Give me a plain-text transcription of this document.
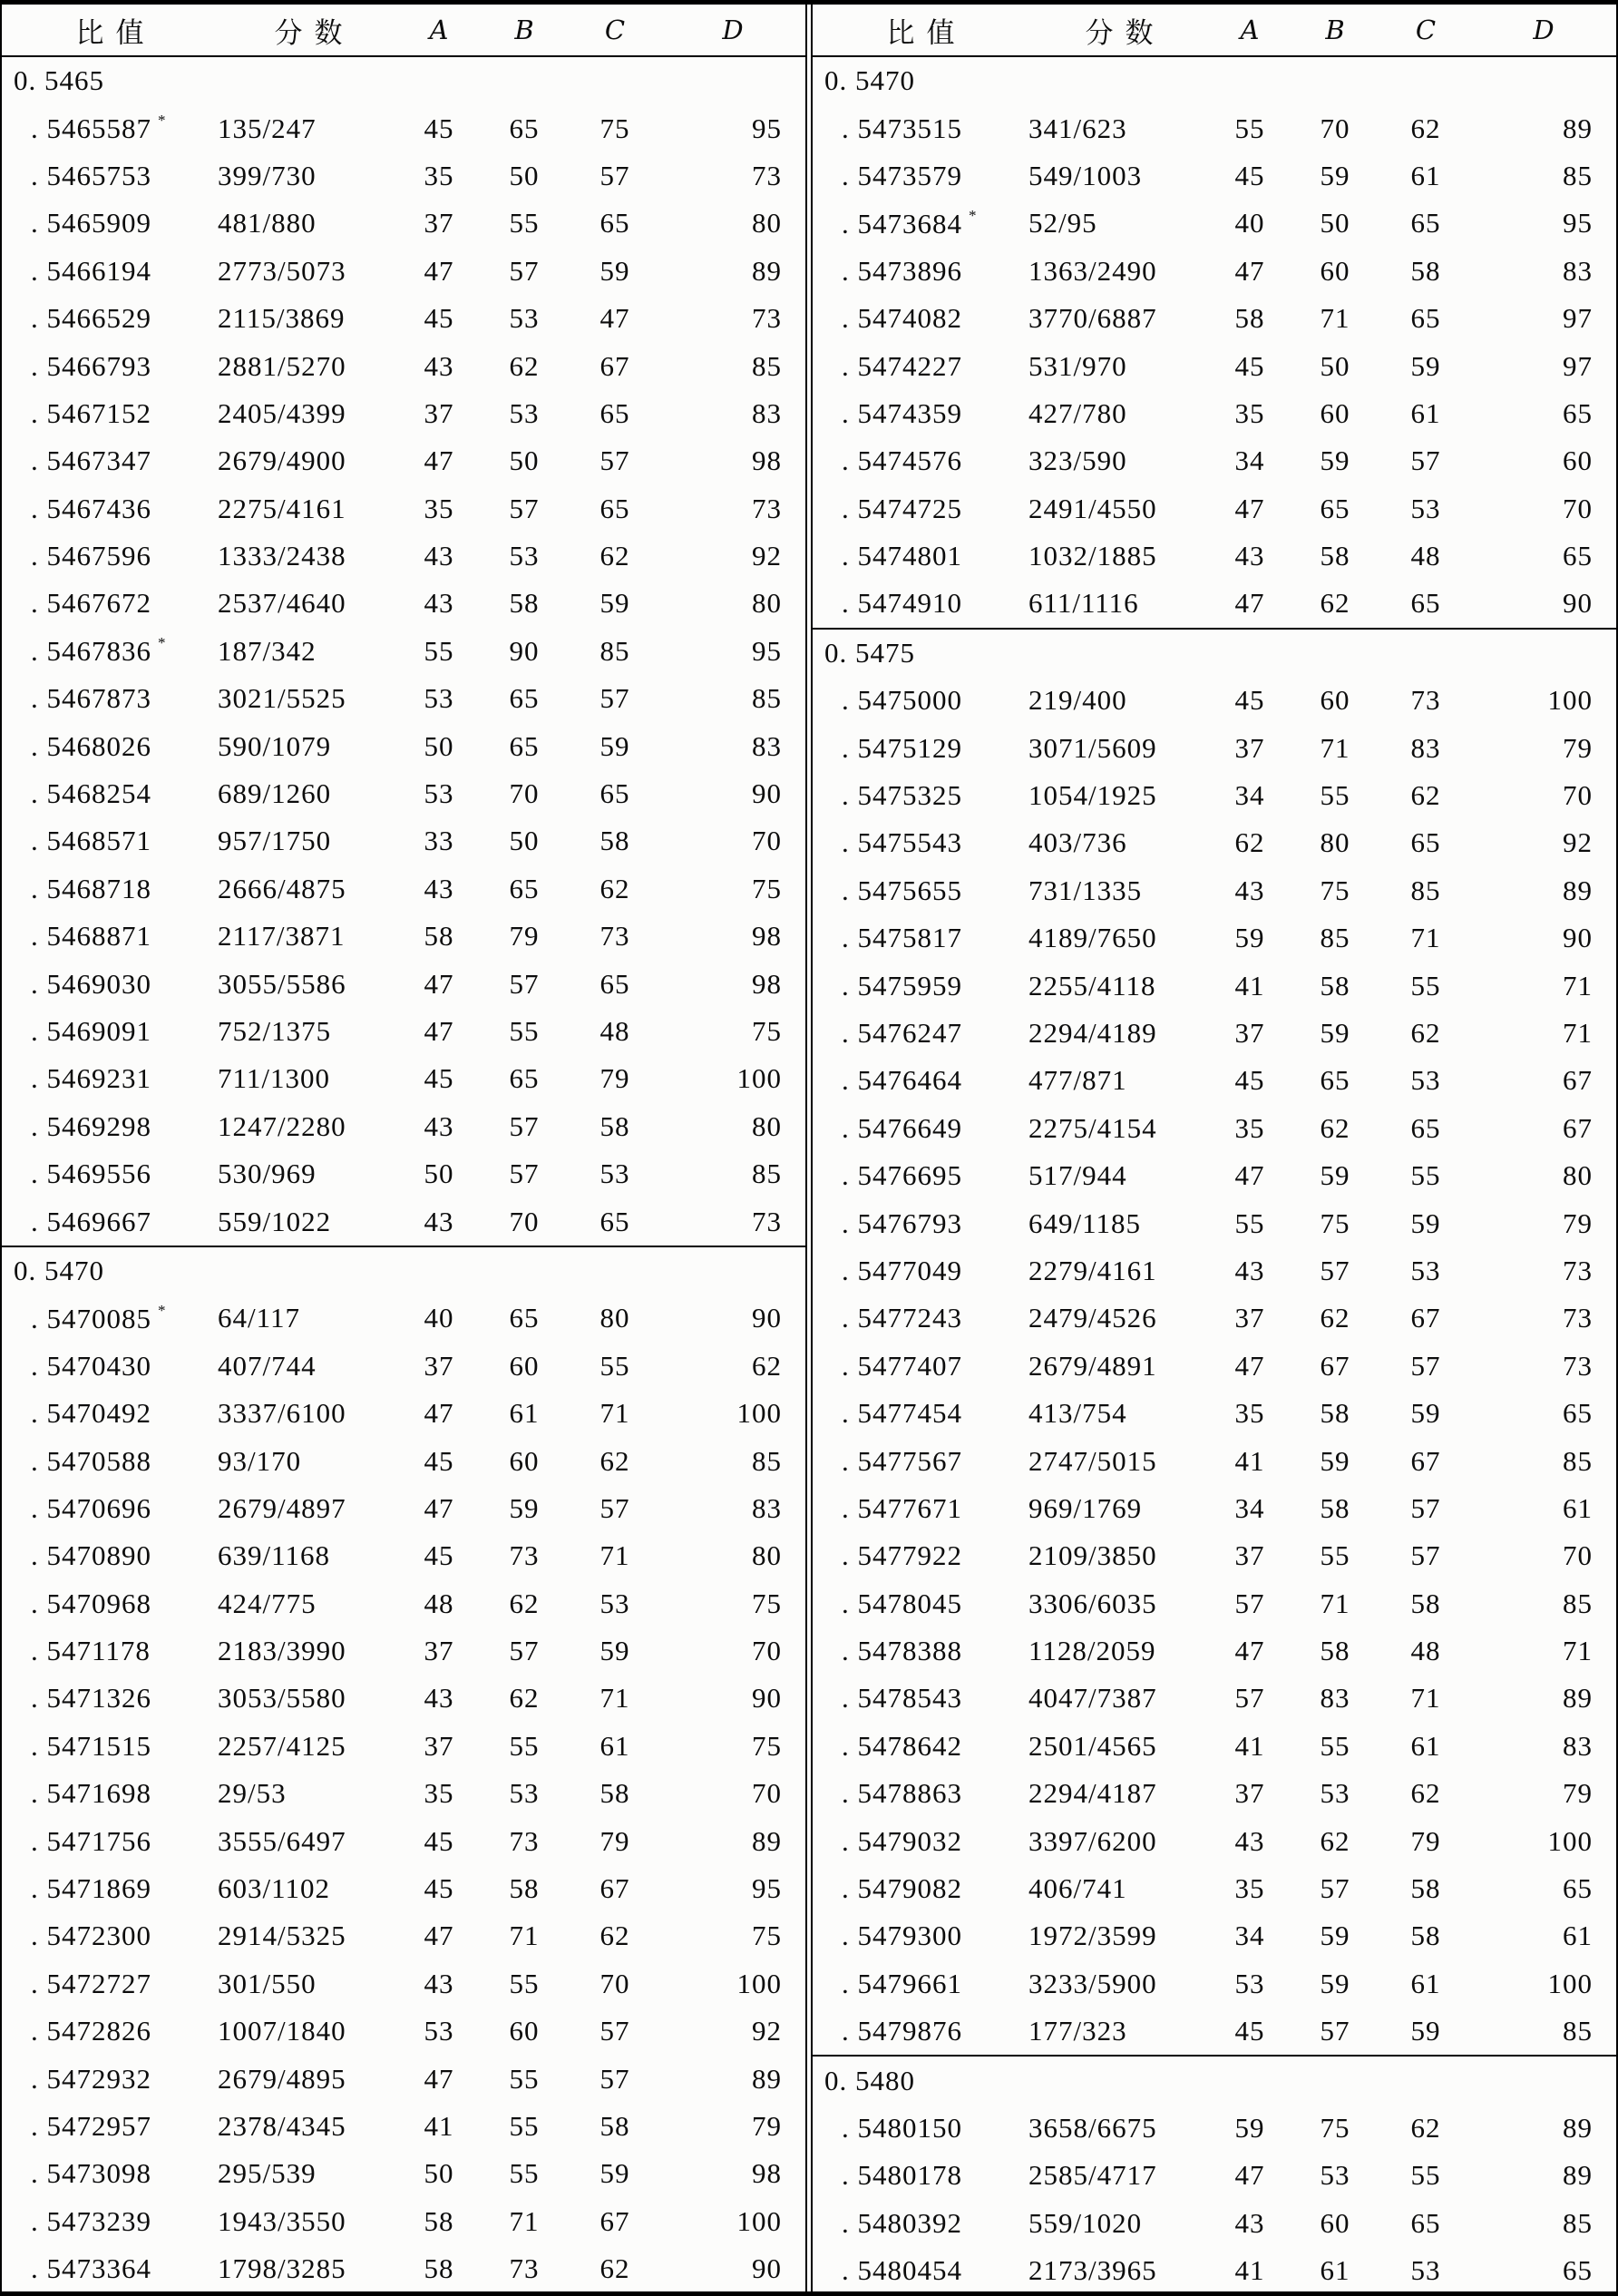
比值	分数	A	B	C	D
0. 5465
. 5465587 *	135/247	45	65	75	95
. 5465753	399/730	35	50	57	73
. 5465909	481/880	37	55	65	80
. 5466194	2773/5073	47	57	59	89
. 5466529	2115/3869	45	53	47	73
. 5466793	2881/5270	43	62	67	85
. 5467152	2405/4399	37	53	65	83
. 5467347	2679/4900	47	50	57	98
. 5467436	2275/4161	35	57	65	73
. 5467596	1333/2438	43	53	62	92
. 5467672	2537/4640	43	58	59	80
. 5467836 *	187/342	55	90	85	95
. 5467873	3021/5525	53	65	57	85
. 5468026	590/1079	50	65	59	83
. 5468254	689/1260	53	70	65	90
. 5468571	957/1750	33	50	58	70
. 5468718	2666/4875	43	65	62	75
. 5468871	2117/3871	58	79	73	98
. 5469030	3055/5586	47	57	65	98
. 5469091	752/1375	47	55	48	75
. 5469231	711/1300	45	65	79	100
. 5469298	1247/2280	43	57	58	80
. 5469556	530/969	50	57	53	85
. 5469667	559/1022	43	70	65	73
0. 5470
. 5470085 *	64/117	40	65	80	90
. 5470430	407/744	37	60	55	62
. 5470492	3337/6100	47	61	71	100
. 5470588	93/170	45	60	62	85
. 5470696	2679/4897	47	59	57	83
. 5470890	639/1168	45	73	71	80
. 5470968	424/775	48	62	53	75
. 5471178	2183/3990	37	57	59	70
. 5471326	3053/5580	43	62	71	90
. 5471515	2257/4125	37	55	61	75
. 5471698	29/53	35	53	58	70
. 5471756	3555/6497	45	73	79	89
. 5471869	603/1102	45	58	67	95
. 5472300	2914/5325	47	71	62	75
. 5472727	301/550	43	55	70	100
. 5472826	1007/1840	53	60	57	92
. 5472932	2679/4895	47	55	57	89
. 5472957	2378/4345	41	55	58	79
. 5473098	295/539	50	55	59	98
. 5473239	1943/3550	58	71	67	100
. 5473364	1798/3285	58	73	62	90
比值	分数	A	B	C	D
0. 5470
. 5473515	341/623	55	70	62	89
. 5473579	549/1003	45	59	61	85
. 5473684 *	52/95	40	50	65	95
. 5473896	1363/2490	47	60	58	83
. 5474082	3770/6887	58	71	65	97
. 5474227	531/970	45	50	59	97
. 5474359	427/780	35	60	61	65
. 5474576	323/590	34	59	57	60
. 5474725	2491/4550	47	65	53	70
. 5474801	1032/1885	43	58	48	65
. 5474910	611/1116	47	62	65	90
0. 5475
. 5475000	219/400	45	60	73	100
. 5475129	3071/5609	37	71	83	79
. 5475325	1054/1925	34	55	62	70
. 5475543	403/736	62	80	65	92
. 5475655	731/1335	43	75	85	89
. 5475817	4189/7650	59	85	71	90
. 5475959	2255/4118	41	58	55	71
. 5476247	2294/4189	37	59	62	71
. 5476464	477/871	45	65	53	67
. 5476649	2275/4154	35	62	65	67
. 5476695	517/944	47	59	55	80
. 5476793	649/1185	55	75	59	79
. 5477049	2279/4161	43	57	53	73
. 5477243	2479/4526	37	62	67	73
. 5477407	2679/4891	47	67	57	73
. 5477454	413/754	35	58	59	65
. 5477567	2747/5015	41	59	67	85
. 5477671	969/1769	34	58	57	61
. 5477922	2109/3850	37	55	57	70
. 5478045	3306/6035	57	71	58	85
. 5478388	1128/2059	47	58	48	71
. 5478543	4047/7387	57	83	71	89
. 5478642	2501/4565	41	55	61	83
. 5478863	2294/4187	37	53	62	79
. 5479032	3397/6200	43	62	79	100
. 5479082	406/741	35	57	58	65
. 5479300	1972/3599	34	59	58	61
. 5479661	3233/5900	53	59	61	100
. 5479876	177/323	45	57	59	85
0. 5480
. 5480150	3658/6675	59	75	62	89
. 5480178	2585/4717	47	53	55	89
. 5480392	559/1020	43	60	65	85
. 5480454	2173/3965	41	61	53	65
